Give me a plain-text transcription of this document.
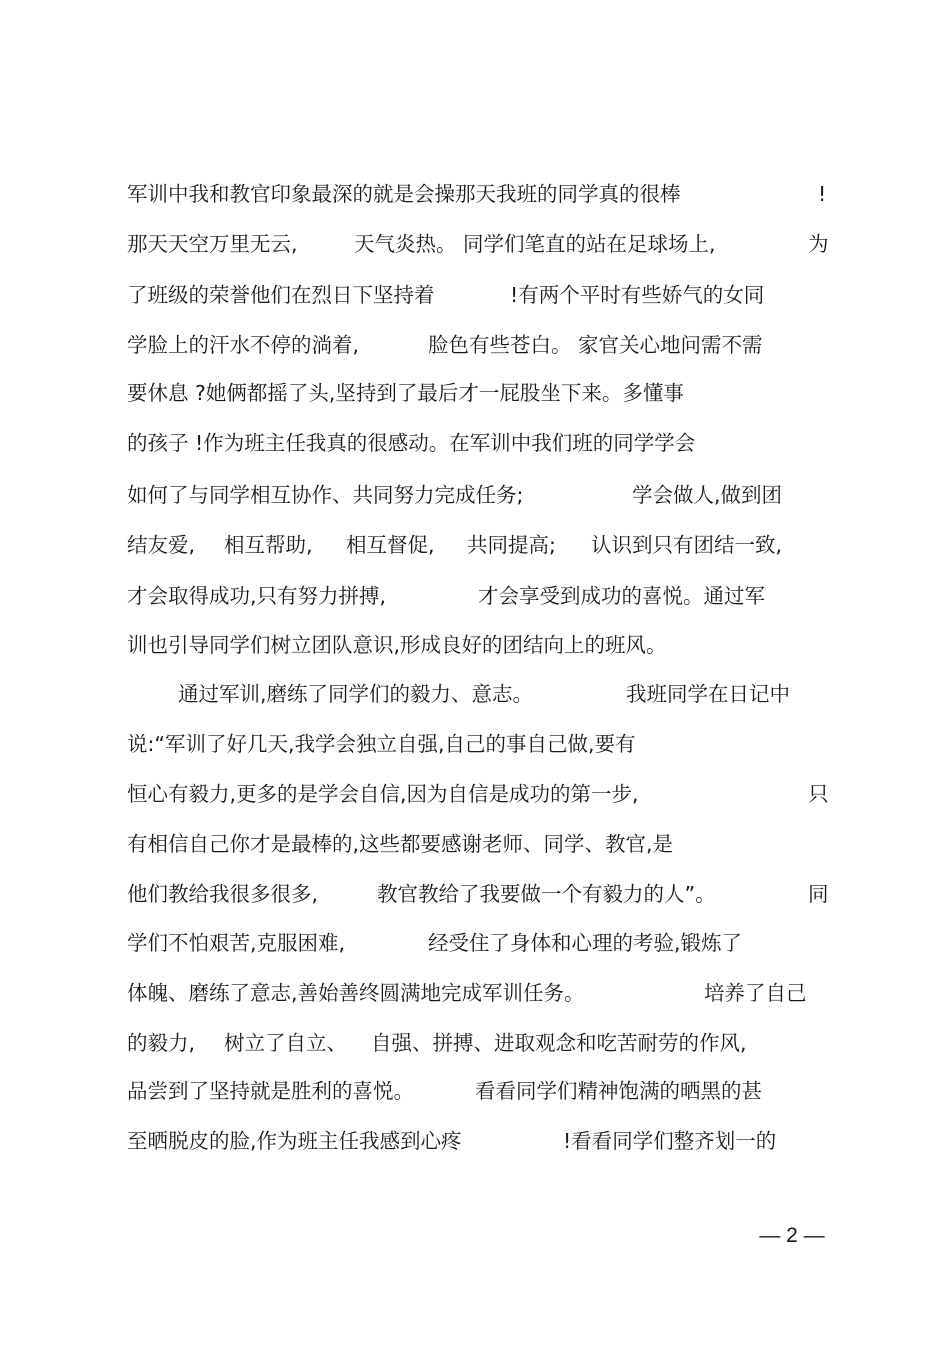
军训中我和教官印象最深的就是会操那天我班的同学真的很棒	!
那天天空万里无云,	天气炎热。 同学们笔直的站在足球场上,	为
了班级的荣誉他们在烈日下坚持着	!有两个平时有些娇气的女同
学脸上的汗水不停的淌着,	脸色有些苍白。 家官关心地问需不需
要休息 ?她俩都摇了头,坚持到了最后才一屁股坐下来。多懂事
的孩子 !作为班主任我真的很感动。在军训中我们班的同学学会
如何了与同学相互协作、共同努力完成任务;	学会做人,做到团
结友爱, 相互帮助, 相互督促, 共同提高; 认识到只有团结一致,
才会取得成功,只有努力拼搏,	才会享受到成功的喜悦。通过军
训也引导同学们树立团队意识,形成良好的团结向上的班风。
通过军训,磨练了同学们的毅力、意志。	我班同学在日记中
说:“军训了好几天,我学会独立自强,自己的事自己做,要有
恒心有毅力,更多的是学会自信,因为自信是成功的第一步,	只
有相信自己你才是最棒的,这些都要感谢老师、同学、教官,是
他们教给我很多很多,	教官教给了我要做一个有毅力的人”。	同
学们不怕艰苦,克服困难,	经受住了身体和心理的考验,锻炼了
体魄、磨练了意志,善始善终圆满地完成军训任务。	培养了自己
的毅力, 树立了自立、 自强、拼搏、进取观念和吃苦耐劳的作风,
品尝到了坚持就是胜利的喜悦。	看看同学们精神饱满的晒黑的甚
至晒脱皮的脸,作为班主任我感到心疼	!看看同学们整齐划一的
— 2 —
